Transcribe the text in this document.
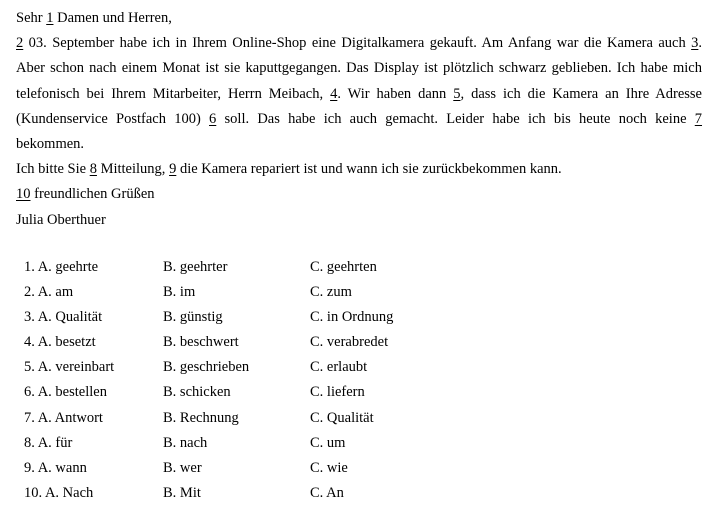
Sehr 1 Damen und Herren,
2 03. September habe ich in Ihrem Online-Shop eine Digitalkamera gekauft. Am Anfang war die Kamera auch 3.
Aber schon nach einem Monat ist sie kaputtgegangen. Das Display ist plötzlich schwarz geblieben. Ich habe mich
telefonisch bei Ihrem Mitarbeiter, Herrn Meibach, 4. Wir haben dann 5, dass ich die Kamera an Ihre Adresse
(Kundenservice Postfach 100) 6 soll. Das habe ich auch gemacht. Leider habe ich bis heute noch keine 7
bekommen.
Ich bitte Sie 8 Mitteilung, 9 die Kamera repariert ist und wann ich sie zurückbekommen kann.
10 freundlichen Grüßen
Julia Oberthuer
1. A. geehrte	B. geehrter	C. geehrten
2. A. am	B. im	C. zum
3. A. Qualität	B. günstig	C. in Ordnung
4. A. besetzt	B. beschwert	C. verabredet
5. A. vereinbart	B. geschrieben	C. erlaubt
6. A. bestellen	B. schicken	C. liefern
7. A. Antwort	B. Rechnung	C. Qualität
8. A. für	B. nach	C. um
9. A. wann	B. wer	C. wie
10. A. Nach	B. Mit	C. An
